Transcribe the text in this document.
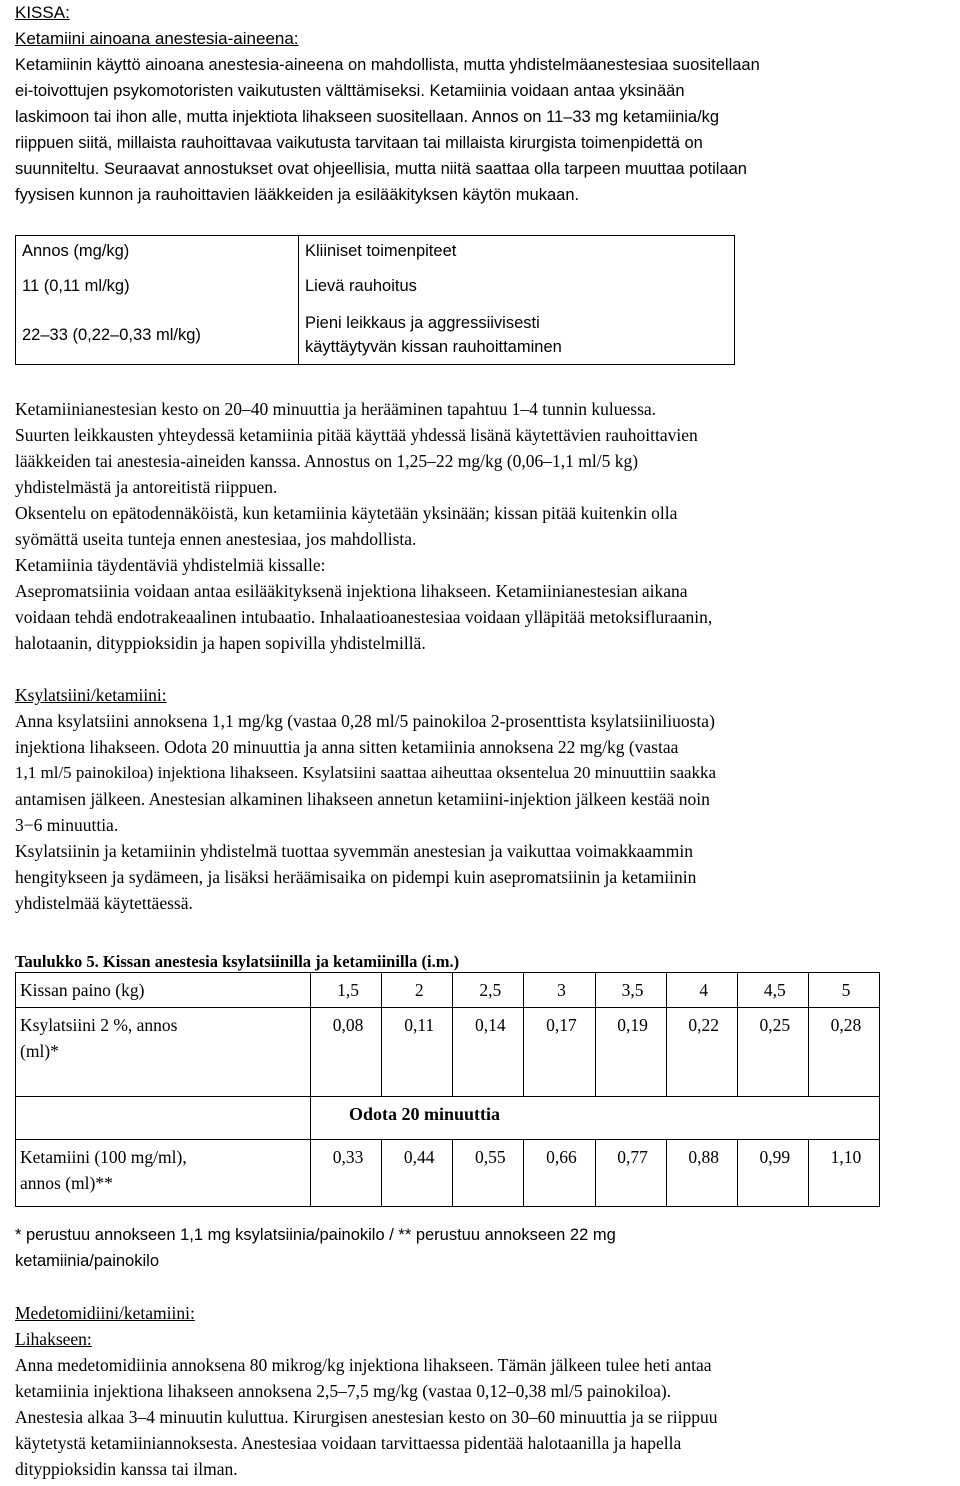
KISSA:

Ketamiini ainoana anestesia-aineena:

Ketamiinin käyttö ainoana anestesia-aineena on mahdollista, mutta yhdistelmäanestesiaa suositellaan

ei-toivottujen psykomotoristen vaikutusten välttämiseksi. Ketamiinia voidaan antaa yksinään

laskimoon tai ihon alle, mutta injektiota lihakseen suositellaan. Annos on 11–33 mg ketamiinia/kg

riippuen siitä, millaista rauhoittavaa vaikutusta tarvitaan tai millaista kirurgista toimenpidettä on

suunniteltu. Seuraavat annostukset ovat ohjeellisia, mutta niitä saattaa olla tarpeen muuttaa potilaan

fyysisen kunnon ja rauhoittavien lääkkeiden ja esilääkityksen käytön mukaan.

Annos (mg/kg)	Kliiniset toimenpiteet
11 (0,11 ml/kg)	Lievä rauhoitus
22–33 (0,22–0,33 ml/kg)	Pieni leikkaus ja aggressiivisesti
käyttäytyvän kissan rauhoittaminen

Ketamiinianestesian kesto on 20–40 minuuttia ja herääminen tapahtuu 1–4 tunnin kuluessa.

Suurten leikkausten yhteydessä ketamiinia pitää käyttää yhdessä lisänä käytettävien rauhoittavien

lääkkeiden tai anestesia-aineiden kanssa. Annostus on 1,25–22 mg/kg (0,06–1,1 ml/5 kg)

yhdistelmästä ja antoreitistä riippuen.

Oksentelu on epätodennäköistä, kun ketamiinia käytetään yksinään; kissan pitää kuitenkin olla

syömättä useita tunteja ennen anestesiaa, jos mahdollista.

Ketamiinia täydentäviä yhdistelmiä kissalle:

Asepromatsiinia voidaan antaa esilääkityksenä injektiona lihakseen. Ketamiinianestesian aikana

voidaan tehdä endotrakeaalinen intubaatio. Inhalaatioanestesiaa voidaan ylläpitää metoksifluraanin,

halotaanin, dityppioksidin ja hapen sopivilla yhdistelmillä.

Ksylatsiini/ketamiini:

Anna ksylatsiini annoksena 1,1 mg/kg (vastaa 0,28 ml/5 painokiloa 2-prosenttista ksylatsiiniliuosta)

injektiona lihakseen. Odota 20 minuuttia ja anna sitten ketamiinia annoksena 22 mg/kg (vastaa

1,1 ml/5 painokiloa) injektiona lihakseen. Ksylatsiini saattaa aiheuttaa oksentelua 20 minuuttiin saakka

antamisen jälkeen. Anestesian alkaminen lihakseen annetun ketamiini-injektion jälkeen kestää noin

3−6 minuuttia.

Ksylatsiinin ja ketamiinin yhdistelmä tuottaa syvemmän anestesian ja vaikuttaa voimakkaammin

hengitykseen ja sydämeen, ja lisäksi heräämisaika on pidempi kuin asepromatsiinin ja ketamiinin

yhdistelmää käytettäessä.

Taulukko 5. Kissan anestesia ksylatsiinilla ja ketamiinilla (i.m.)
Kissan paino (kg)	1,5	2	2,5	3	3,5	4	4,5	5

Ksylatsiini 2 %, annos
(ml)*	0,08	0,11	0,14	0,17	0,19	0,22	0,25	0,28
	Odota 20 minuuttia							

Ketamiini (100 mg/ml),
annos (ml)**	0,33	0,44	0,55	0,66	0,77	0,88	0,99	1,10

* perustuu annokseen 1,1 mg ksylatsiinia/painokilo / ** perustuu annokseen 22 mg

ketamiinia/painokilo

Medetomidiini/ketamiini:

Lihakseen:

Anna medetomidiinia annoksena 80 mikrog/kg injektiona lihakseen. Tämän jälkeen tulee heti antaa

ketamiinia injektiona lihakseen annoksena 2,5–7,5 mg/kg (vastaa 0,12–0,38 ml/5 painokiloa).

Anestesia alkaa 3–4 minuutin kuluttua. Kirurgisen anestesian kesto on 30–60 minuuttia ja se riippuu

käytetystä ketamiiniannoksesta. Anestesiaa voidaan tarvittaessa pidentää halotaanilla ja hapella

dityppioksidin kanssa tai ilman.
